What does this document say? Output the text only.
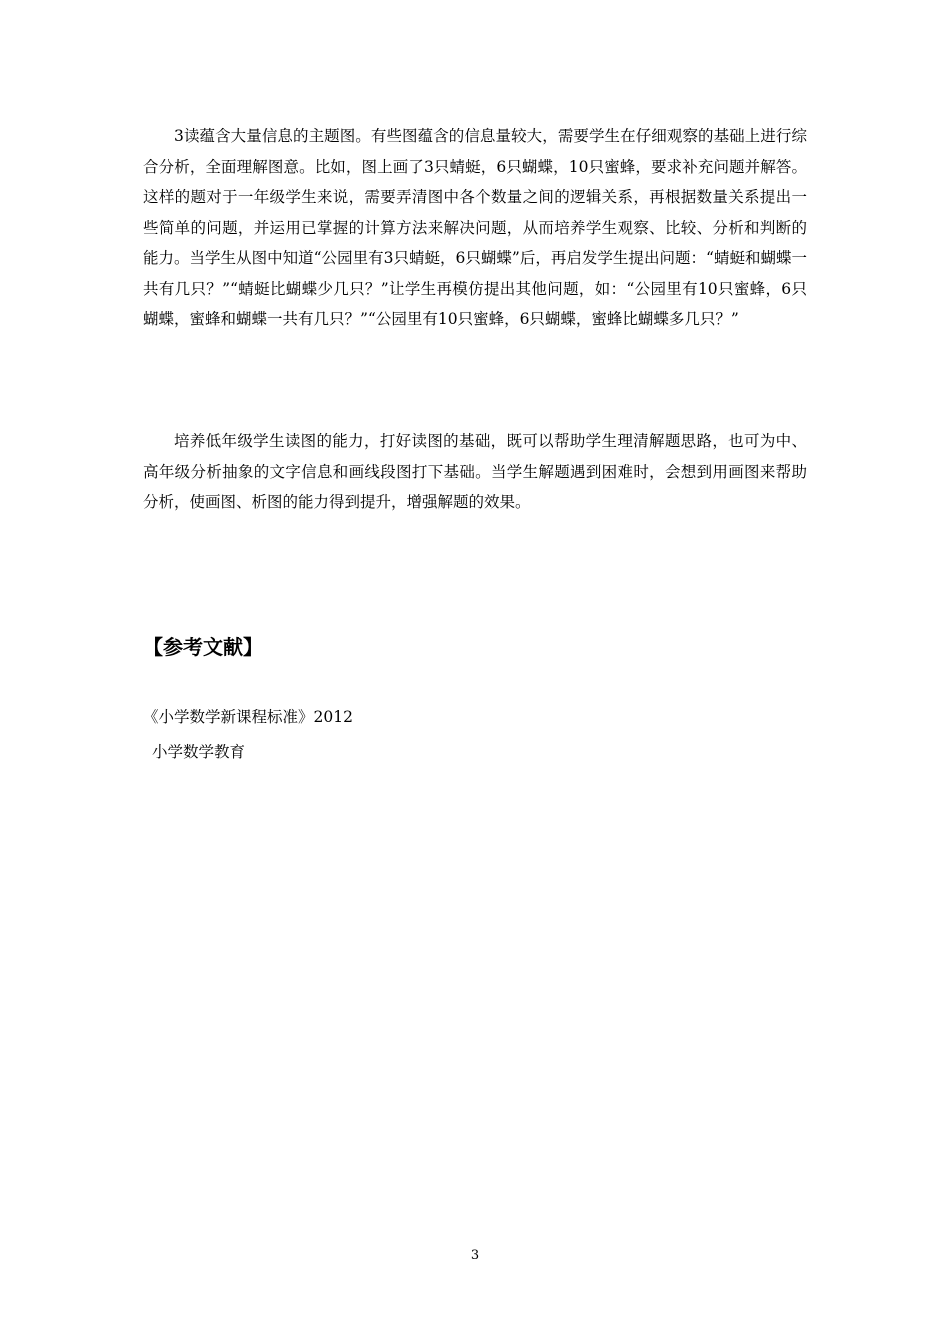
3读蕴含大量信息的主题图。有些图蕴含的信息量较大，需要学生在仔细观察的基础上进行综合分析，全面理解图意。比如，图上画了3只蜻蜓，6只蝴蝶，10只蜜蜂，要求补充问题并解答。这样的题对于一年级学生来说，需要弄清图中各个数量之间的逻辑关系，再根据数量关系提出一些简单的问题，并运用已掌握的计算方法来解决问题，从而培养学生观察、比较、分析和判断的能力。当学生从图中知道“公园里有3只蜻蜓，6只蝴蝶”后，再启发学生提出问题：“蜻蜓和蝴蝶一共有几只？”“蜻蜓比蝴蝶少几只？”让学生再模仿提出其他问题，如：“公园里有10只蜜蜂，6只蝴蝶，蜜蜂和蝴蝶一共有几只？”“公园里有10只蜜蜂，6只蝴蝶，蜜蜂比蝴蝶多几只？”

培养低年级学生读图的能力，打好读图的基础，既可以帮助学生理清解题思路，也可为中、高年级分析抽象的文字信息和画线段图打下基础。当学生解题遇到困难时，会想到用画图来帮助分析，使画图、析图的能力得到提升，增强解题的效果。

【参考文献】

《小学数学新课程标准》2012

小学数学教育

3
